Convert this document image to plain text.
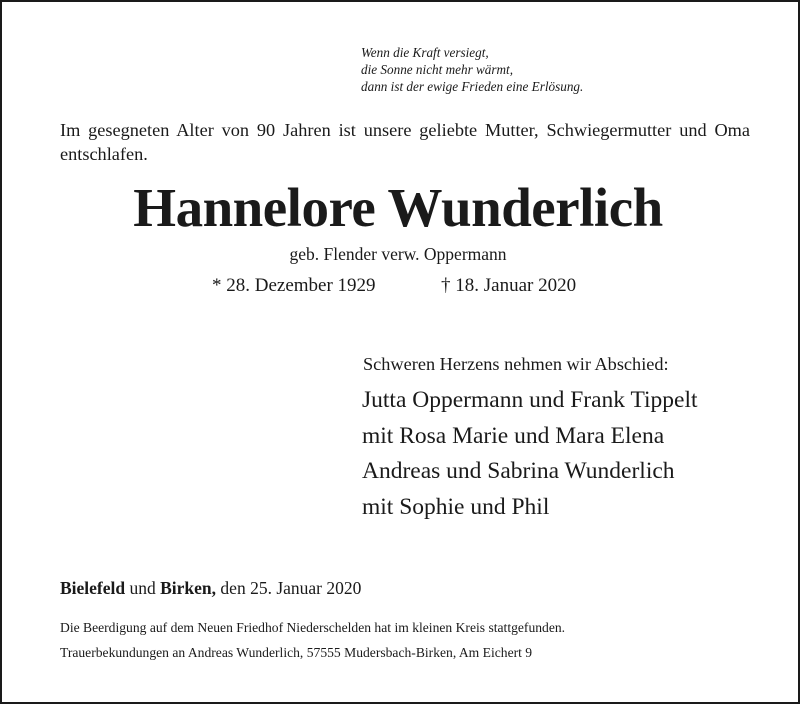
Wenn die Kraft versiegt,
die Sonne nicht mehr wärmt,
dann ist der ewige Frieden eine Erlösung.
Im gesegneten Alter von 90 Jahren ist unsere geliebte Mutter, Schwiegermutter und Oma entschlafen.
Hannelore Wunderlich
geb. Flender verw. Oppermann
* 28. Dezember 1929	† 18. Januar 2020
Schweren Herzens nehmen wir Abschied:
Jutta Oppermann und Frank Tippelt
mit Rosa Marie und Mara Elena
Andreas und Sabrina Wunderlich
mit Sophie und Phil
Bielefeld und Birken, den 25. Januar 2020
Die Beerdigung auf dem Neuen Friedhof Niederschelden hat im kleinen Kreis stattgefunden.
Trauerbekundungen an Andreas Wunderlich, 57555 Mudersbach-Birken, Am Eichert 9
